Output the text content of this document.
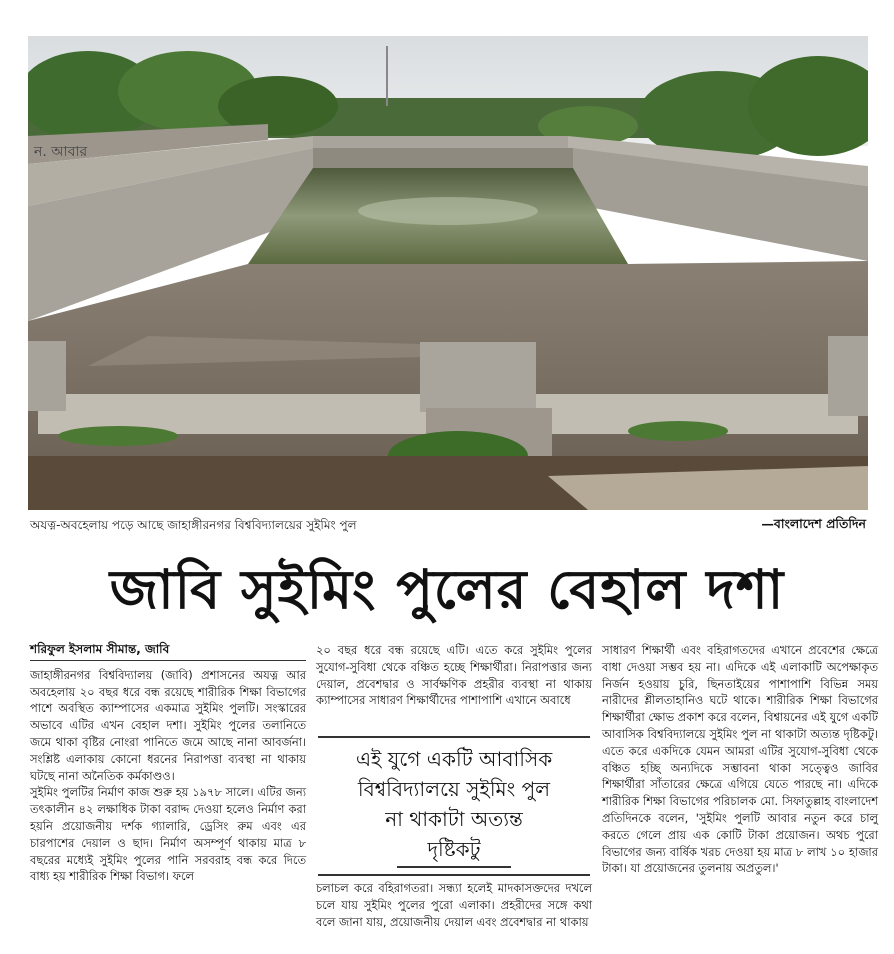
ন. আবার
অযত্ন-অবহেলায় পড়ে আছে জাহাঙ্গীরনগর বিশ্ববিদ্যালয়ের সুইমিং পুল	—বাংলাদেশ প্রতিদিন
জাবি সুইমিং পুলের বেহাল দশা
শরিফুল ইসলাম সীমান্ত, জাবি

জাহাঙ্গীরনগর বিশ্ববিদ্যালয় (জাবি) প্রশাসনের অযত্ন আর অবহেলায় ২০ বছর ধরে বন্ধ রয়েছে শারীরিক শিক্ষা বিভাগের পাশে অবস্থিত ক্যাম্পাসের একমাত্র সুইমিং পুলটি। সংস্কারের অভাবে এটির এখন বেহাল দশা। সুইমিং পুলের তলানিতে জমে থাকা বৃষ্টির নোংরা পানিতে জমে আছে নানা আবর্জনা। সংশ্লিষ্ট এলাকায় কোনো ধরনের নিরাপত্তা ব্যবস্থা না থাকায় ঘটছে নানা অনৈতিক কর্মকাণ্ডও।

সুইমিং পুলটির নির্মাণ কাজ শুরু হয় ১৯৭৮ সালে। এটির জন্য তৎকালীন ৪২ লক্ষাধিক টাকা বরাদ্দ দেওয়া হলেও নির্মাণ করা হয়নি প্রয়োজনীয় দর্শক গ্যালারি, ড্রেসিং রুম এবং এর চারপাশের দেয়াল ও ছাদ। নির্মাণ অসম্পূর্ণ থাকায় মাত্র ৮ বছরের মধ্যেই সুইমিং পুলের পানি সরবরাহ বন্ধ করে দিতে বাধ্য হয় শারীরিক শিক্ষা বিভাগ। ফলে

২০ বছর ধরে বন্ধ রয়েছে এটি। এতে করে সুইমিং পুলের সুযোগ-সুবিধা থেকে বঞ্চিত হচ্ছে শিক্ষার্থীরা। নিরাপত্তার জন্য দেয়াল, প্রবেশদ্বার ও সার্বক্ষণিক প্রহরীর ব্যবস্থা না থাকায় ক্যাম্পাসের সাধারণ শিক্ষার্থীদের পাশাপাশি এখানে অবাধে

এই যুগে একটি আবাসিক
বিশ্ববিদ্যালয়ে সুইমিং পুল
না থাকাটা অত্যন্ত
দৃষ্টিকটু

চলাচল করে বহিরাগতরা। সন্ধ্যা হলেই মাদকাসক্তদের দখলে চলে যায় সুইমিং পুলের পুরো এলাকা। প্রহরীদের সঙ্গে কথা বলে জানা যায়, প্রয়োজনীয় দেয়াল এবং প্রবেশদ্বার না থাকায়

সাধারণ শিক্ষার্থী এবং বহিরাগতদের এখানে প্রবেশের ক্ষেত্রে বাধা দেওয়া সম্ভব হয় না। এদিকে এই এলাকাটি অপেক্ষাকৃত নির্জন হওয়ায় চুরি, ছিনতাইয়ের পাশাপাশি বিভিন্ন সময় নারীদের শ্লীলতাহানিও ঘটে থাকে। শারীরিক শিক্ষা বিভাগের শিক্ষার্থীরা ক্ষোভ প্রকাশ করে বলেন, বিশ্বায়নের এই যুগে একটি আবাসিক বিশ্ববিদ্যালয়ে সুইমিং পুল না থাকাটা অত্যন্ত দৃষ্টিকটু। এতে করে একদিকে যেমন আমরা এটির সুযোগ-সুবিধা থেকে বঞ্চিত হচ্ছি অন্যদিকে সম্ভাবনা থাকা সত্ত্বেও জাবির শিক্ষার্থীরা সাঁতারের ক্ষেত্রে এগিয়ে যেতে পারছে না। এদিকে শারীরিক শিক্ষা বিভাগের পরিচালক মো. সিফাতুল্লাহ বাংলাদেশ প্রতিদিনকে বলেন, 'সুইমিং পুলটি আবার নতুন করে চালু করতে গেলে প্রায় এক কোটি টাকা প্রয়োজন। অথচ পুরো বিভাগের জন্য বার্ষিক খরচ দেওয়া হয় মাত্র ৮ লাখ ১০ হাজার টাকা। যা প্রয়োজনের তুলনায় অপ্রতুল।'
